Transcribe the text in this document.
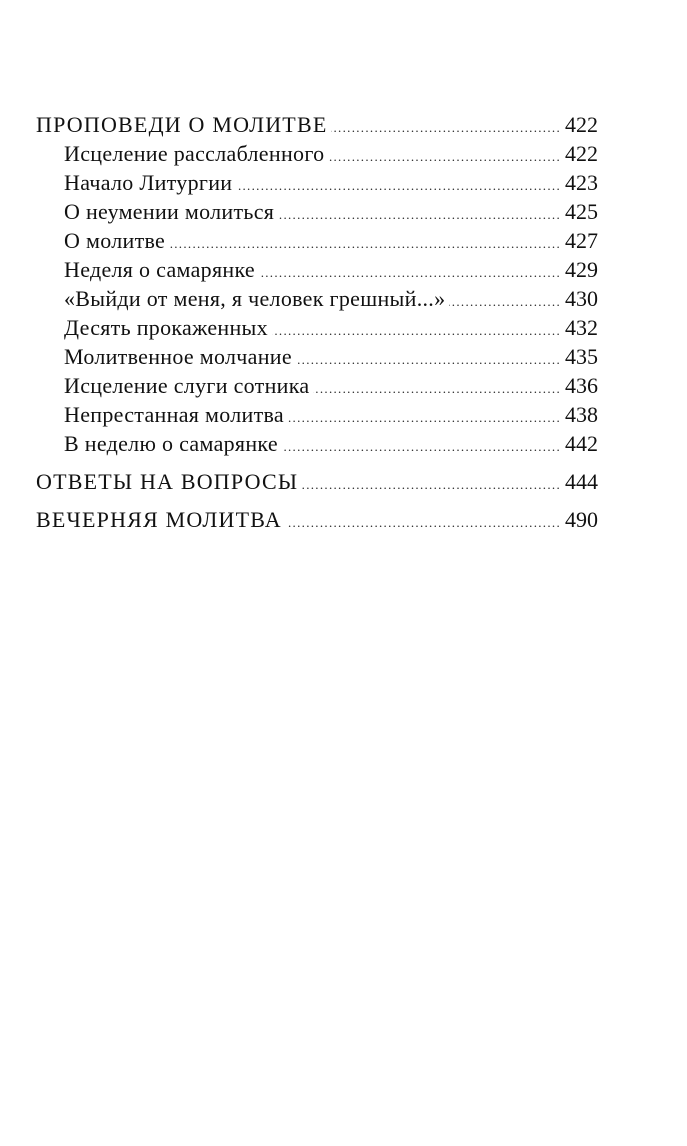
ПРОПОВЕДИ О МОЛИТВЕ .....	422
Исцеление расслабленного .....	422
Начало Литургии .....	423
О неумении молиться .....	425
О молитве .....	427
Неделя о самарянке .....	429
«Выйди от меня, я человек грешный...» .....	430
Десять прокаженных .....	432
Молитвенное молчание .....	435
Исцеление слуги сотника .....	436
Непрестанная молитва .....	438
В неделю о самарянке .....	442
ОТВЕТЫ НА ВОПРОСЫ .....	444
ВЕЧЕРНЯЯ МОЛИТВА .....	490
